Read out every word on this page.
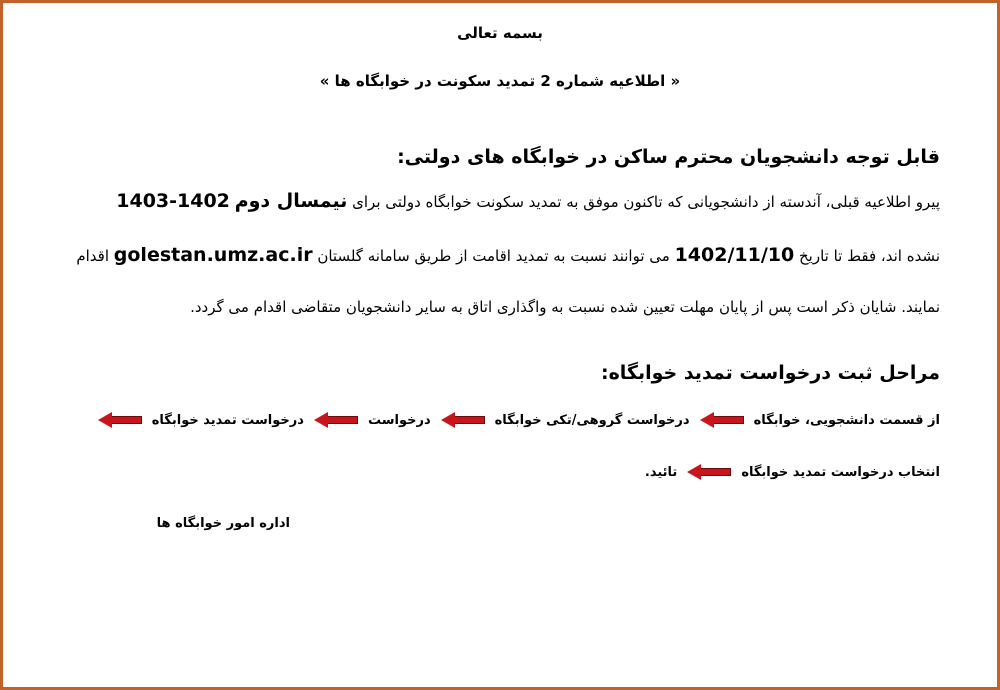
بسمه تعالی
« اطلاعیه شماره 2 تمدید سکونت در خوابگاه ها »
قابل توجه دانشجویان محترم ساکن در خوابگاه های دولتی:
پیرو اطلاعیه قبلی، آندسته از دانشجویانی که تاکنون موفق به تمدید سکونت خوابگاه دولتی برای نیمسال دوم 1403-1402
نشده اند، فقط تا تاریخ 1402/11/10 می توانند نسبت به تمدید اقامت از طریق سامانه گلستان golestan.umz.ac.ir اقدام
نمایند. شایان ذکر است پس از پایان مهلت تعیین شده نسبت به واگذاری اتاق به سایر دانشجویان متقاضی اقدام می گردد.
مراحل ثبت درخواست تمدید خوابگاه:
از قسمت دانشجویی، خوابگاه
درخواست گروهی/تکی خوابگاه
درخواست
درخواست تمدید خوابگاه
انتخاب درخواست تمدید خوابگاه
تائید.
اداره امور خوابگاه ها
